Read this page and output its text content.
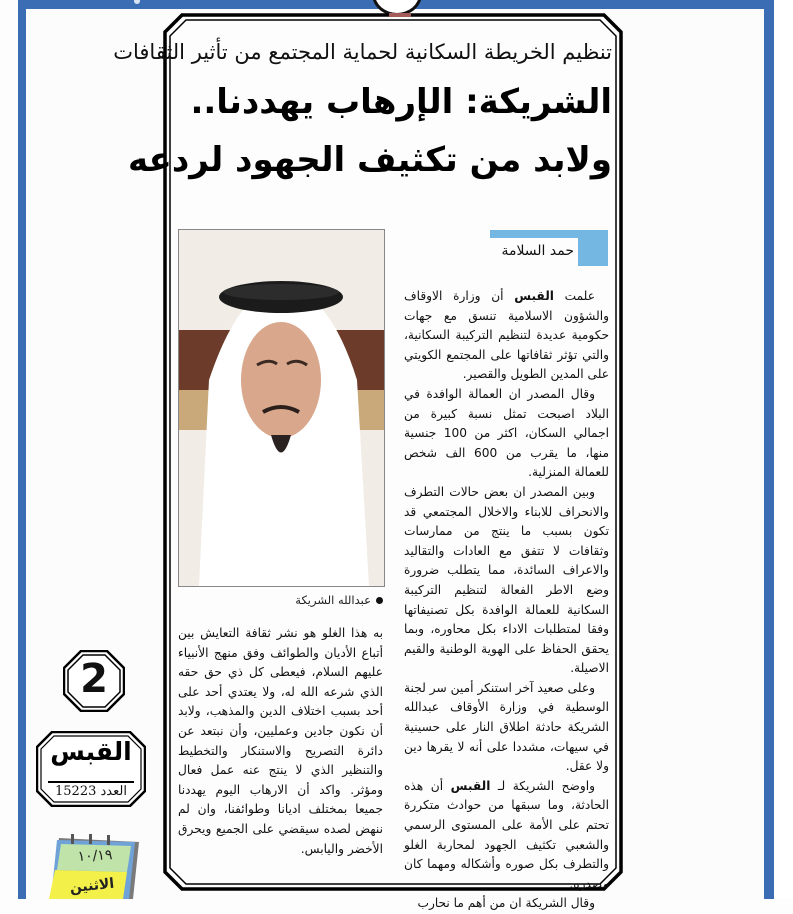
تنظيم الخريطة السكانية لحماية المجتمع من تأثير الثقافات
الشريكة: الإرهاب يهددنا..
ولابد من تكثيف الجهود لردعه
حمد السلامة
عبدالله الشريكة

علمت القبس أن وزارة الاوقاف والشؤون الاسلامية تنسق مع جهات حكومية عديدة لتنظيم التركيبة السكانية، والتي تؤثر ثقافاتها على المجتمع الكويتي على المدين الطويل والقصير.

وقال المصدر ان العمالة الوافدة في البلاد اصبحت تمثل نسبة كبيرة من اجمالي السكان، اكثر من 100 جنسية منها، ما يقرب من 600 الف شخص للعمالة المنزلية.

وبين المصدر ان بعض حالات التطرف والانحراف للابناء والاخلال المجتمعي قد تكون بسبب ما ينتج من ممارسات وثقافات لا تتفق مع العادات والتقاليد والاعراف السائدة، مما يتطلب ضرورة وضع الاطر الفعالة لتنظيم التركيبة السكانية للعمالة الوافدة بكل تصنيفاتها وفقا لمتطلبات الاداء بكل محاوره، وبما يحقق الحفاظ على الهوية الوطنية والقيم الاصيلة.

وعلى صعيد آخر استنكر أمين سر لجنة الوسطية في وزارة الأوقاف عبدالله الشريكة حادثة اطلاق النار على حسينية في سيهات، مشددا على أنه لا يقرها دين ولا عقل.

واوضح الشريكة لـ القبس أن هذه الحادثة، وما سبقها من حوادث متكررة تحتم على الأمة على المستوى الرسمي والشعبي تكثيف الجهود لمحاربة الغلو والتطرف بكل صوره وأشكاله ومهما كان مصدره.

وقال الشريكة ان من أهم ما نحارب

به هذا الغلو هو نشر ثقافة التعايش بين أتباع الأديان والطوائف وفق منهج الأنبياء عليهم السلام، فيعطى كل ذي حق حقه الذي شرعه الله له، ولا يعتدي أحد على أحد بسبب اختلاف الدين والمذهب، ولابد أن نكون جادين وعمليين، وأن نبتعد عن دائرة التصريح والاستنكار والتخطيط والتنظير الذي لا ينتج عنه عمل فعال ومؤثر. واكد أن الارهاب اليوم يهددنا جميعا بمختلف اديانا وطوائفنا، وان لم ننهض لصده سيقضي على الجميع ويحرق الأخضر واليابس.

2
القبس
العدد 15223
١٠/١٩
الاثنين
